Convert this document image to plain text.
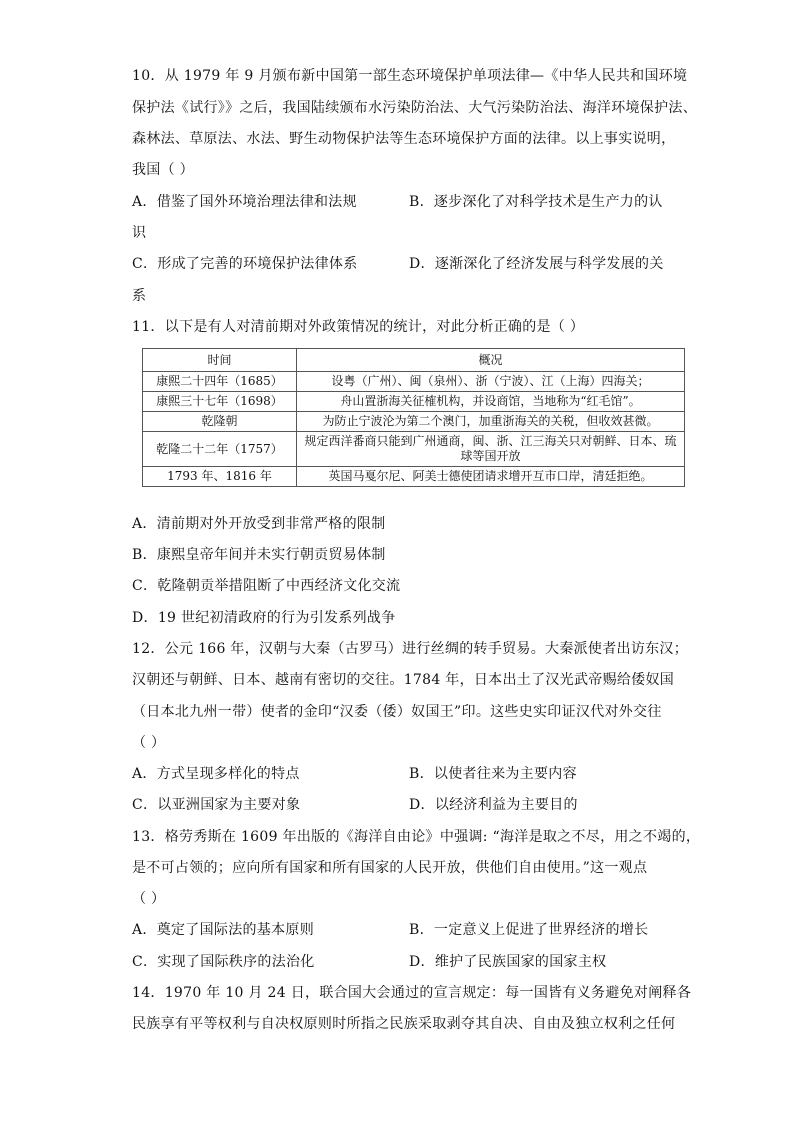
10．从 1979 年 9 月颁布新中国第一部生态环境保护单项法律—《中华人民共和国环境
保护法《试行》》之后，我国陆续颁布水污染防治法、大气污染防治法、海洋环境保护法、
森林法、草原法、水法、野生动物保护法等生态环境保护方面的法律。以上事实说明，
我国（ ）
A．借鉴了国外环境治理法律和法规	B．逐步深化了对科学技术是生产力的认
识
C．形成了完善的环境保护法律体系	D．逐渐深化了经济发展与科学发展的关
系
11．以下是有人对清前期对外政策情况的统计，对此分析正确的是（ ）
时间	概况
康熙二十四年（1685）	设粤（广州）、闽（泉州）、浙（宁波）、江（上海）四海关；
康熙三十七年（1698）	舟山置浙海关征榷机构，并设商馆，当地称为“红毛馆”。
乾隆朝	为防止宁波沦为第二个澳门，加重浙海关的关税，但收效甚微。
乾隆二十二年（1757）	规定西洋番商只能到广州通商，闽、浙、江三海关只对朝鲜、日本、琉球等国开放
1793 年、1816 年	英国马戛尔尼、阿美士德使团请求增开互市口岸，清廷拒绝。
A．清前期对外开放受到非常严格的限制
B．康熙皇帝年间并未实行朝贡贸易体制
C．乾隆朝贡举措阻断了中西经济文化交流
D．19 世纪初清政府的行为引发系列战争
12．公元 166 年，汉朝与大秦（古罗马）进行丝绸的转手贸易。大秦派使者出访东汉；
汉朝还与朝鲜、日本、越南有密切的交往。1784 年，日本出土了汉光武帝赐给倭奴国
（日本北九州一带）使者的金印“汉委（倭）奴国王”印。这些史实印证汉代对外交往
（ ）
A．方式呈现多样化的特点	B．以使者往来为主要内容
C．以亚洲国家为主要对象	D．以经济利益为主要目的
13．格劳秀斯在 1609 年出版的《海洋自由论》中强调: “海洋是取之不尽，用之不竭的，
是不可占领的；应向所有国家和所有国家的人民开放，供他们自由使用。”这一观点
（ ）
A．奠定了国际法的基本原则	B．一定意义上促进了世界经济的增长
C．实现了国际秩序的法治化	D．维护了民族国家的国家主权
14．1970 年 10 月 24 日，联合国大会通过的宣言规定：每一国皆有义务避免对阐释各
民族享有平等权利与自决权原则时所指之民族采取剥夺其自决、自由及独立权利之任何
